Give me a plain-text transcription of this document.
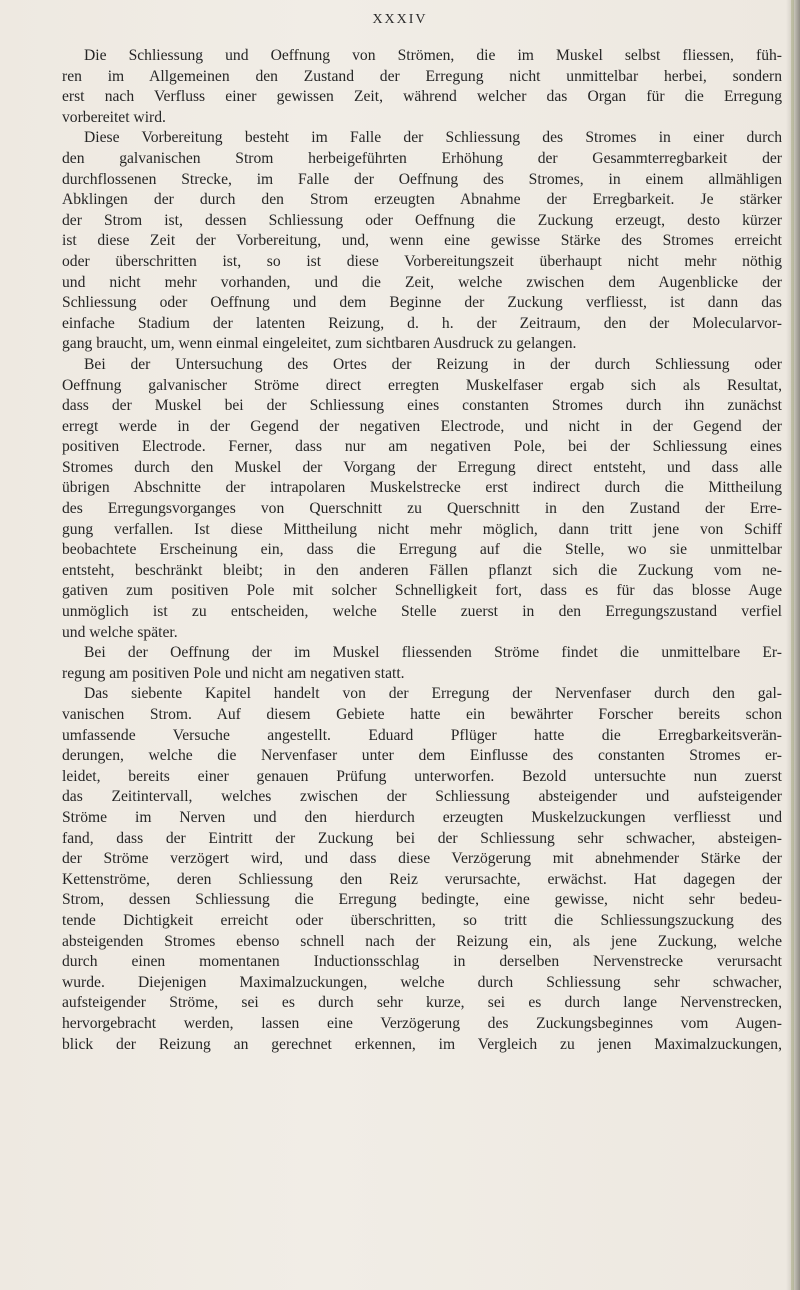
XXXIV
Die Schliessung und Oeffnung von Strömen, die im Muskel selbst fliessen, füh-
ren im Allgemeinen den Zustand der Erregung nicht unmittelbar herbei, sondern
erst nach Verfluss einer gewissen Zeit, während welcher das Organ für die Erregung
vorbereitet wird.
Diese Vorbereitung besteht im Falle der Schliessung des Stromes in einer durch
den galvanischen Strom herbeigeführten Erhöhung der Gesammterregbarkeit der
durchflossenen Strecke, im Falle der Oeffnung des Stromes, in einem allmähligen
Abklingen der durch den Strom erzeugten Abnahme der Erregbarkeit. Je stärker
der Strom ist, dessen Schliessung oder Oeffnung die Zuckung erzeugt, desto kürzer
ist diese Zeit der Vorbereitung, und, wenn eine gewisse Stärke des Stromes erreicht
oder überschritten ist, so ist diese Vorbereitungszeit überhaupt nicht mehr nöthig
und nicht mehr vorhanden, und die Zeit, welche zwischen dem Augenblicke der
Schliessung oder Oeffnung und dem Beginne der Zuckung verfliesst, ist dann das
einfache Stadium der latenten Reizung, d. h. der Zeitraum, den der Molecularvor-
gang braucht, um, wenn einmal eingeleitet, zum sichtbaren Ausdruck zu gelangen.
Bei der Untersuchung des Ortes der Reizung in der durch Schliessung oder
Oeffnung galvanischer Ströme direct erregten Muskelfaser ergab sich als Resultat,
dass der Muskel bei der Schliessung eines constanten Stromes durch ihn zunächst
erregt werde in der Gegend der negativen Electrode, und nicht in der Gegend der
positiven Electrode. Ferner, dass nur am negativen Pole, bei der Schliessung eines
Stromes durch den Muskel der Vorgang der Erregung direct entsteht, und dass alle
übrigen Abschnitte der intrapolaren Muskelstrecke erst indirect durch die Mittheilung
des Erregungsvorganges von Querschnitt zu Querschnitt in den Zustand der Erre-
gung verfallen. Ist diese Mittheilung nicht mehr möglich, dann tritt jene von Schiff
beobachtete Erscheinung ein, dass die Erregung auf die Stelle, wo sie unmittelbar
entsteht, beschränkt bleibt; in den anderen Fällen pflanzt sich die Zuckung vom ne-
gativen zum positiven Pole mit solcher Schnelligkeit fort, dass es für das blosse Auge
unmöglich ist zu entscheiden, welche Stelle zuerst in den Erregungszustand verfiel
und welche später.
Bei der Oeffnung der im Muskel fliessenden Ströme findet die unmittelbare Er-
regung am positiven Pole und nicht am negativen statt.
Das siebente Kapitel handelt von der Erregung der Nervenfaser durch den gal-
vanischen Strom. Auf diesem Gebiete hatte ein bewährter Forscher bereits schon
umfassende Versuche angestellt. Eduard Pflüger hatte die Erregbarkeitsverän-
derungen, welche die Nervenfaser unter dem Einflusse des constanten Stromes er-
leidet, bereits einer genauen Prüfung unterworfen. Bezold untersuchte nun zuerst
das Zeitintervall, welches zwischen der Schliessung absteigender und aufsteigender
Ströme im Nerven und den hierdurch erzeugten Muskelzuckungen verfliesst und
fand, dass der Eintritt der Zuckung bei der Schliessung sehr schwacher, absteigen-
der Ströme verzögert wird, und dass diese Verzögerung mit abnehmender Stärke der
Kettenströme, deren Schliessung den Reiz verursachte, erwächst. Hat dagegen der
Strom, dessen Schliessung die Erregung bedingte, eine gewisse, nicht sehr bedeu-
tende Dichtigkeit erreicht oder überschritten, so tritt die Schliessungszuckung des
absteigenden Stromes ebenso schnell nach der Reizung ein, als jene Zuckung, welche
durch einen momentanen Inductionsschlag in derselben Nervenstrecke verursacht
wurde. Diejenigen Maximalzuckungen, welche durch Schliessung sehr schwacher,
aufsteigender Ströme, sei es durch sehr kurze, sei es durch lange Nervenstrecken,
hervorgebracht werden, lassen eine Verzögerung des Zuckungsbeginnes vom Augen-
blick der Reizung an gerechnet erkennen, im Vergleich zu jenen Maximalzuckungen,
